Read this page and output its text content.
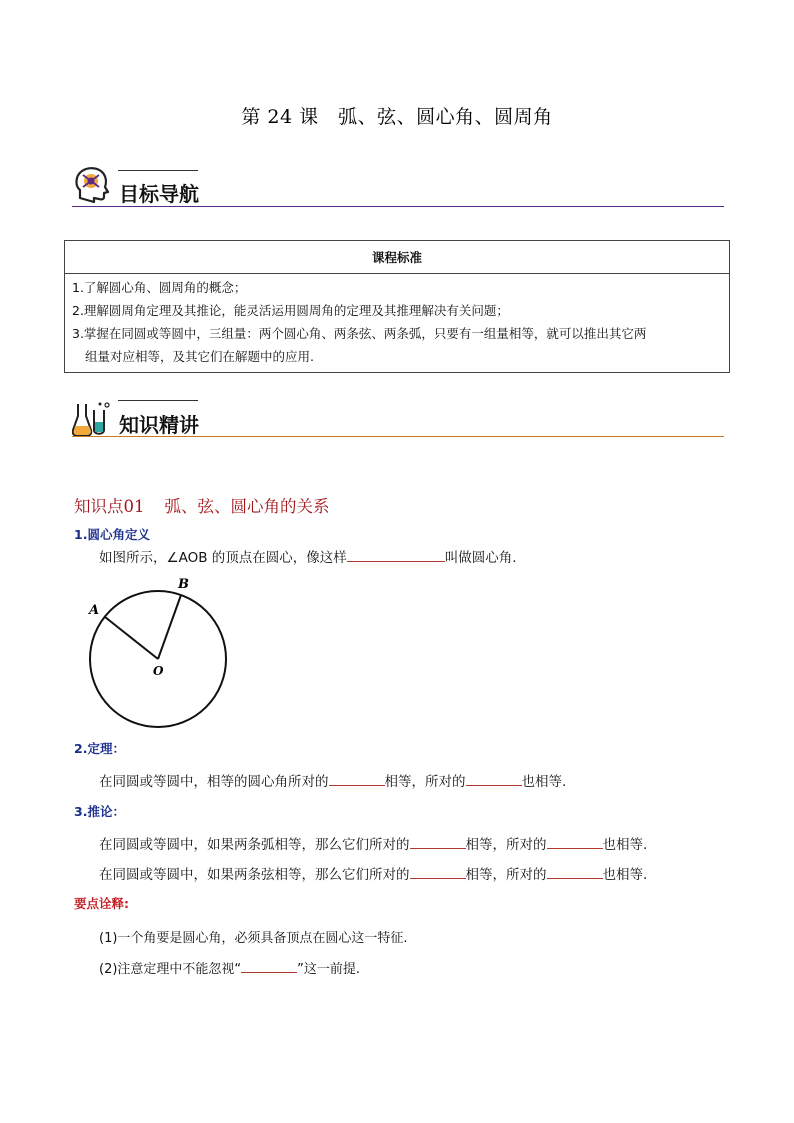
第 24 课　弧、弦、圆心角、圆周角
目标导航
课程标准

1.了解圆心角、圆周角的概念；
2.理解圆周角定理及其推论，能灵活运用圆周角的定理及其推理解决有关问题；
3.掌握在同圆或等圆中，三组量：两个圆心角、两条弦、两条弧，只要有一组量相等，就可以推出其它两
组量对应相等，及其它们在解题中的应用.
知识精讲
知识点01 弧、弦、圆心角的关系
1.圆心角定义
如图所示，∠AOB 的顶点在圆心，像这样	叫做圆心角.
A
B
O
2.定理：
在同圆或等圆中，相等的圆心角所对的	相等，所对的	也相等.
3.推论：
在同圆或等圆中，如果两条弧相等，那么它们所对的	相等，所对的	也相等.
在同圆或等圆中，如果两条弦相等，那么它们所对的	相等，所对的	也相等.
要点诠释:
(1)一个角要是圆心角，必须具备顶点在圆心这一特征.
(2)注意定理中不能忽视“	”这一前提.
